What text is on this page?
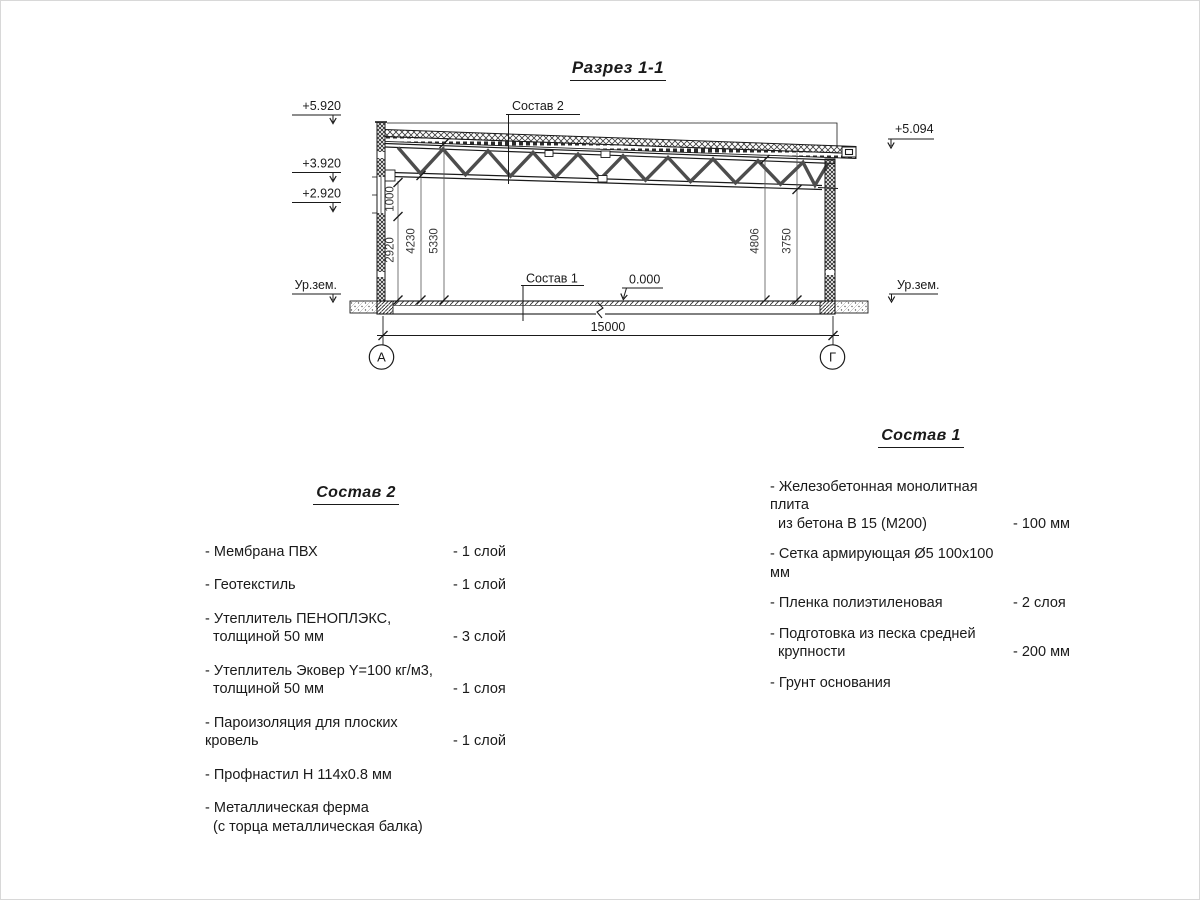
Разрез 1-1
+5.920
+3.920
+2.920
Ур.зем.
+5.094
Ур.зем.
0.000
Состав 2
Состав 1
1000
2920 4230 5330	4806 3750
15000
А	Г
Состав 2
- Мембрана ПВХ	- 1 слой
- Геотекстиль	- 1 слой
- Утеплитель ПЕНОПЛЭКС,
толщиной 50 мм	- 3 слой
- Утеплитель Эковер Y=100 кг/м3,
толщиной 50 мм	- 1 слоя
- Пароизоляция для плоских кровель	- 1 слой
- Профнастил Н 114х0.8 мм
- Металлическая ферма
(с торца металлическая балка)
Состав 1
- Железобетонная монолитная плита
из бетона В 15 (М200)	- 100 мм
- Сетка армирующая Ø5 100х100 мм
- Пленка полиэтиленовая	- 2 слоя
- Подготовка из песка средней
крупности	- 200 мм
- Грунт основания
